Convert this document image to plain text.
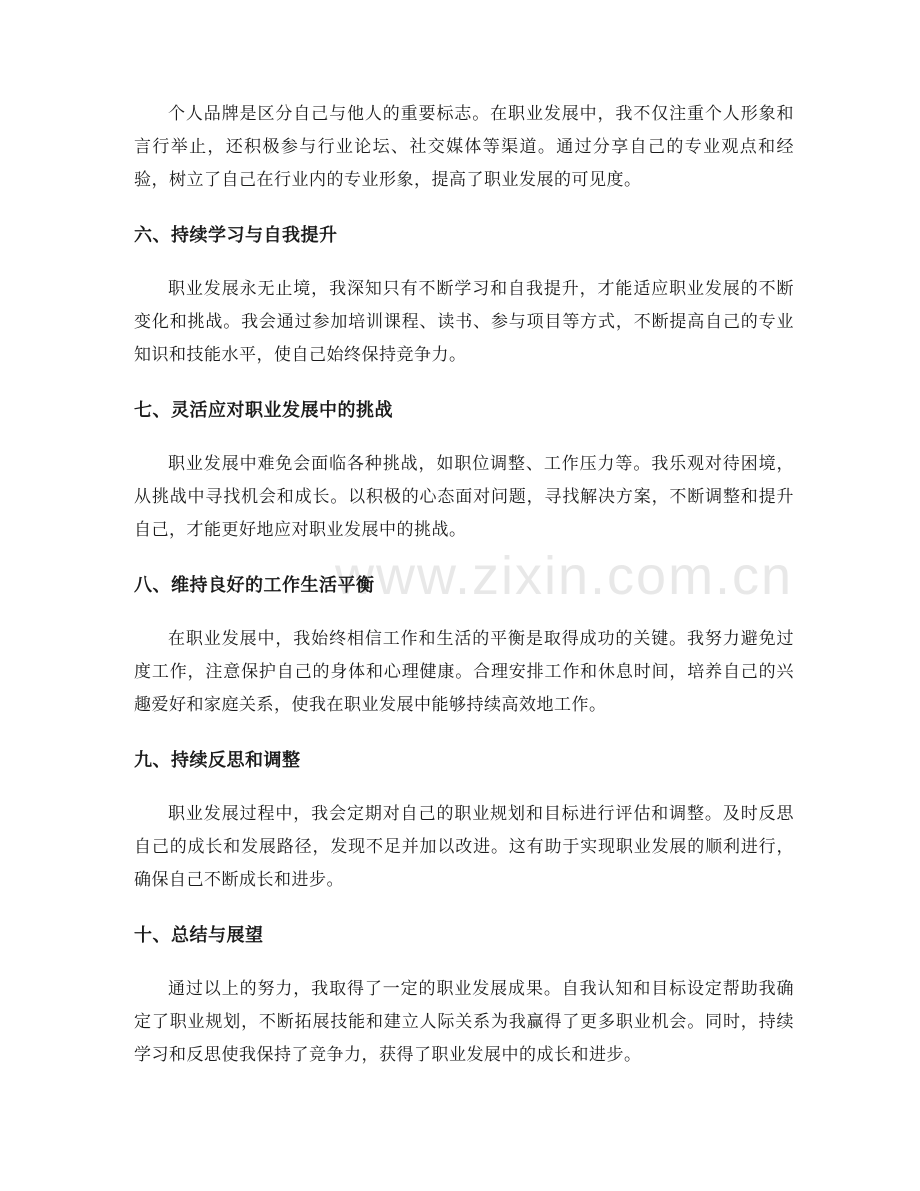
www.zixin.com.cn

个人品牌是区分自己与他人的重要标志。在职业发展中，我不仅注重个人形象和言行举止，还积极参与行业论坛、社交媒体等渠道。通过分享自己的专业观点和经验，树立了自己在行业内的专业形象，提高了职业发展的可见度。

六、持续学习与自我提升

职业发展永无止境，我深知只有不断学习和自我提升，才能适应职业发展的不断变化和挑战。我会通过参加培训课程、读书、参与项目等方式，不断提高自己的专业知识和技能水平，使自己始终保持竞争力。

七、灵活应对职业发展中的挑战

职业发展中难免会面临各种挑战，如职位调整、工作压力等。我乐观对待困境，从挑战中寻找机会和成长。以积极的心态面对问题，寻找解决方案，不断调整和提升自己，才能更好地应对职业发展中的挑战。

八、维持良好的工作生活平衡

在职业发展中，我始终相信工作和生活的平衡是取得成功的关键。我努力避免过度工作，注意保护自己的身体和心理健康。合理安排工作和休息时间，培养自己的兴趣爱好和家庭关系，使我在职业发展中能够持续高效地工作。

九、持续反思和调整

职业发展过程中，我会定期对自己的职业规划和目标进行评估和调整。及时反思自己的成长和发展路径，发现不足并加以改进。这有助于实现职业发展的顺利进行，确保自己不断成长和进步。

十、总结与展望

通过以上的努力，我取得了一定的职业发展成果。自我认知和目标设定帮助我确定了职业规划，不断拓展技能和建立人际关系为我赢得了更多职业机会。同时，持续学习和反思使我保持了竞争力，获得了职业发展中的成长和进步。
